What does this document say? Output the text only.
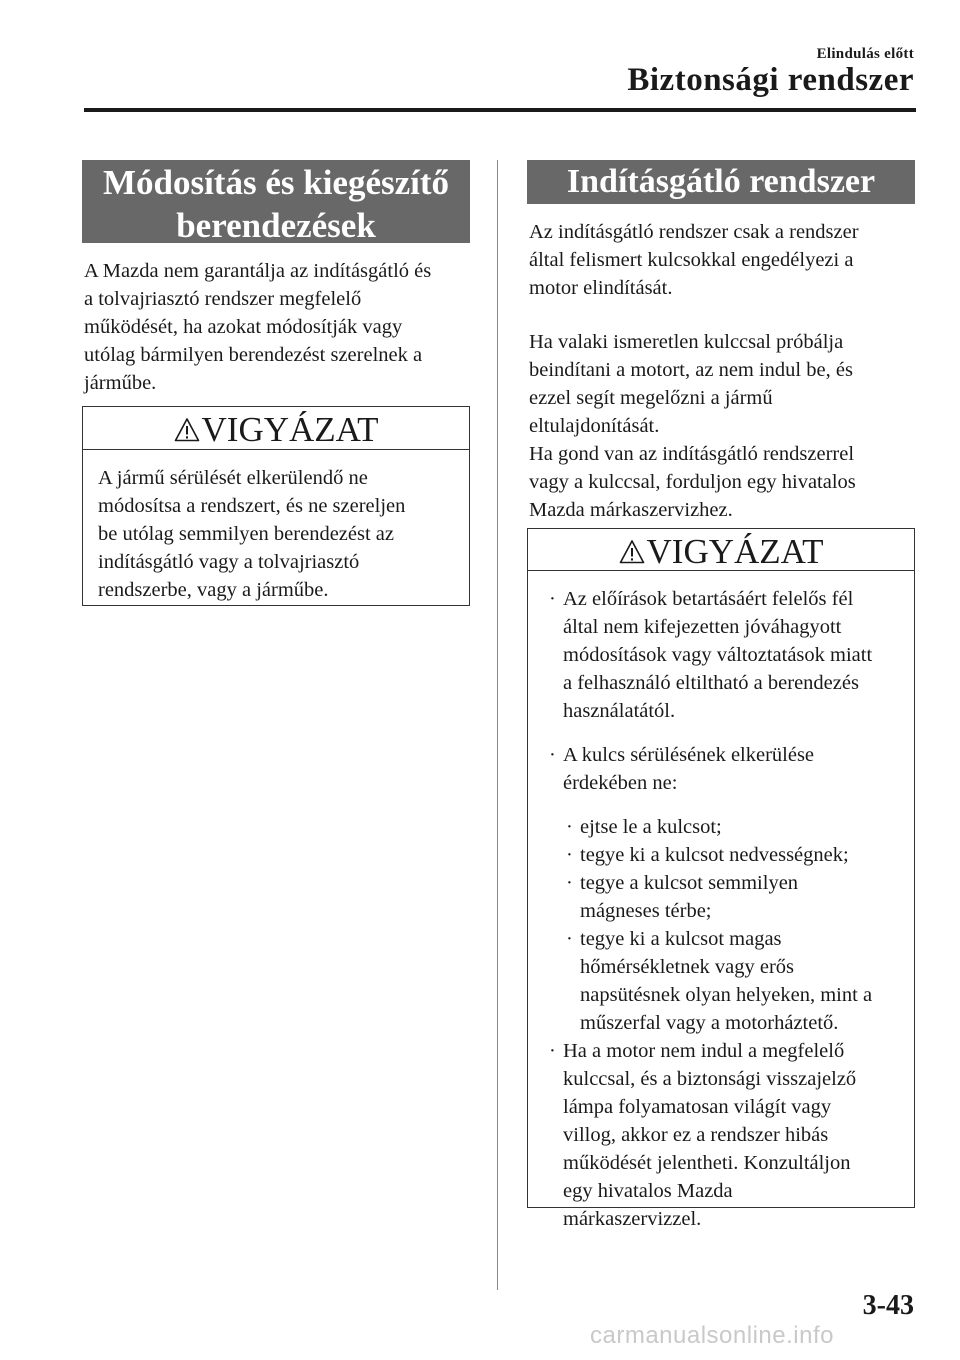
Elindulás előtt
Biztonsági rendszer
Módosítás és kiegészítő
berendezések

A Mazda nem garantálja az indításgátló és

a tolvajriasztó rendszer megfelelő

működését, ha azokat módosítják vagy

utólag bármilyen berendezést szerelnek a

járműbe.

VIGYÁZAT
A jármű sérülését elkerülendő ne
módosítsa a rendszert, és ne szereljen
be utólag semmilyen berendezést az
indításgátló vagy a tolvajriasztó
rendszerbe, vagy a járműbe.
Indításgátló rendszer

Az indításgátló rendszer csak a rendszer

által felismert kulcsokkal engedélyezi a

motor elindítását.

Ha valaki ismeretlen kulccsal próbálja

beindítani a motort, az nem indul be, és

ezzel segít megelőzni a jármű

eltulajdonítását.

Ha gond van az indításgátló rendszerrel

vagy a kulccsal, forduljon egy hivatalos

Mazda márkaszervizhez.

VIGYÁZAT
· Az előírások betartásáért felelős fél
által nem kifejezetten jóváhagyott
módosítások vagy változtatások miatt
a felhasználó eltiltható a berendezés
használatától.
· A kulcs sérülésének elkerülése
érdekében ne:
· ejtse le a kulcsot;
· tegye ki a kulcsot nedvességnek;
· tegye a kulcsot semmilyen
mágneses térbe;
· tegye ki a kulcsot magas
hőmérsékletnek vagy erős
napsütésnek olyan helyeken, mint a
műszerfal vagy a motorháztető.
· Ha a motor nem indul a megfelelő
kulccsal, és a biztonsági visszajelző
lámpa folyamatosan világít vagy
villog, akkor ez a rendszer hibás
működését jelentheti. Konzultáljon
egy hivatalos Mazda
márkaszervizzel.
3-43
carmanualsonline.info
